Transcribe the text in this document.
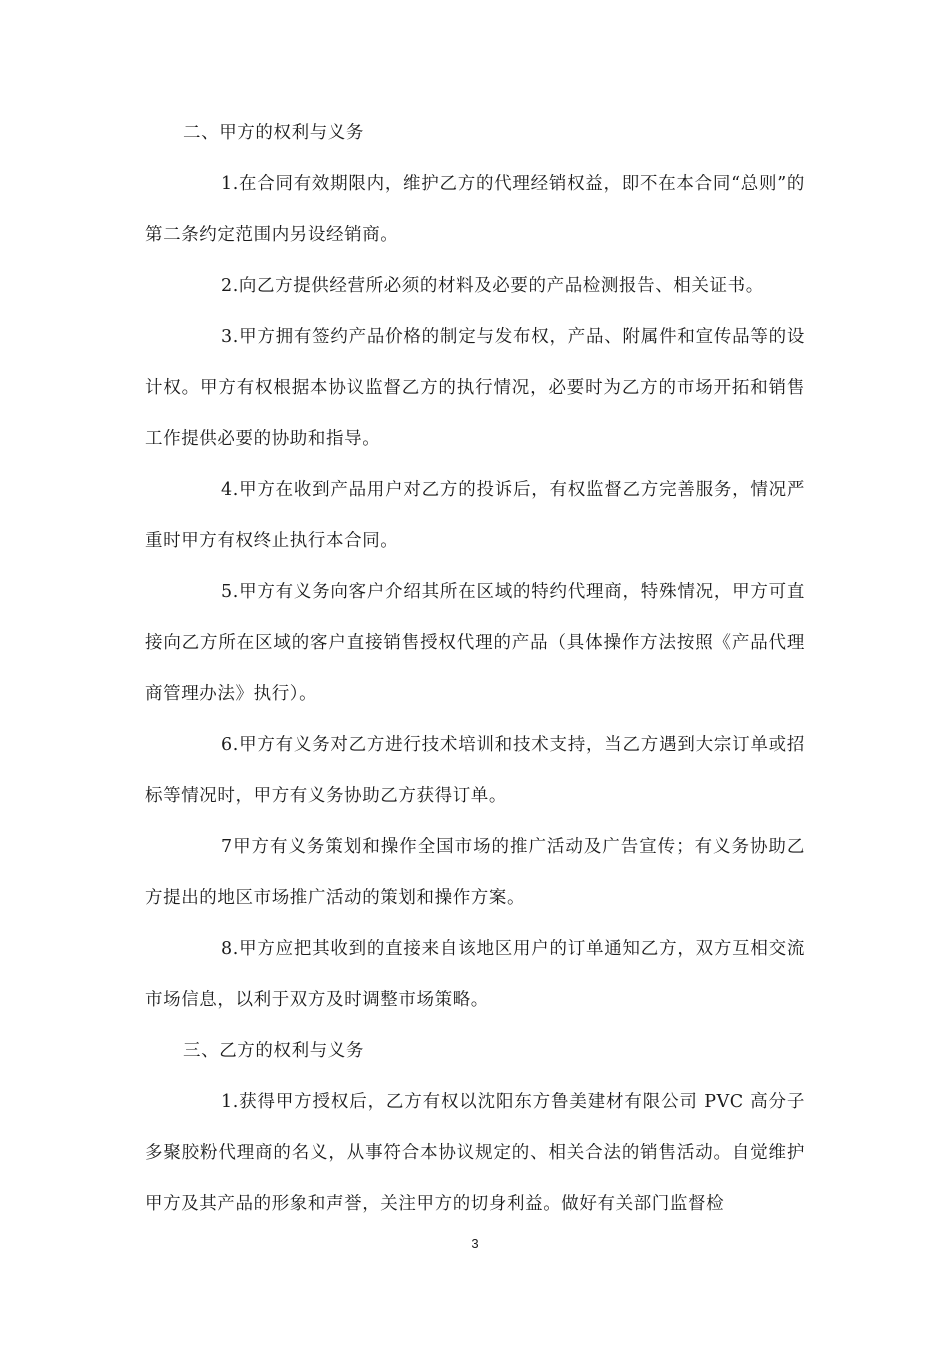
二、甲方的权利与义务

1.在合同有效期限内，维护乙方的代理经销权益，即不在本合同“总则”的第二条约定范围内另设经销商。

2.向乙方提供经营所必须的材料及必要的产品检测报告、相关证书。

3.甲方拥有签约产品价格的制定与发布权，产品、附属件和宣传品等的设计权。甲方有权根据本协议监督乙方的执行情况，必要时为乙方的市场开拓和销售工作提供必要的协助和指导。

4.甲方在收到产品用户对乙方的投诉后，有权监督乙方完善服务，情况严重时甲方有权终止执行本合同。

5.甲方有义务向客户介绍其所在区域的特约代理商，特殊情况，甲方可直接向乙方所在区域的客户直接销售授权代理的产品（具体操作方法按照《产品代理商管理办法》执行）。

6.甲方有义务对乙方进行技术培训和技术支持，当乙方遇到大宗订单或招标等情况时，甲方有义务协助乙方获得订单。

7甲方有义务策划和操作全国市场的推广活动及广告宣传；有义务协助乙方提出的地区市场推广活动的策划和操作方案。

8.甲方应把其收到的直接来自该地区用户的订单通知乙方，双方互相交流市场信息，以利于双方及时调整市场策略。

三、乙方的权利与义务

1.获得甲方授权后，乙方有权以沈阳东方鲁美建材有限公司 PVC 高分子多聚胶粉代理商的名义，从事符合本协议规定的、相关合法的销售活动。自觉维护甲方及其产品的形象和声誉，关注甲方的切身利益。做好有关部门监督检

3
